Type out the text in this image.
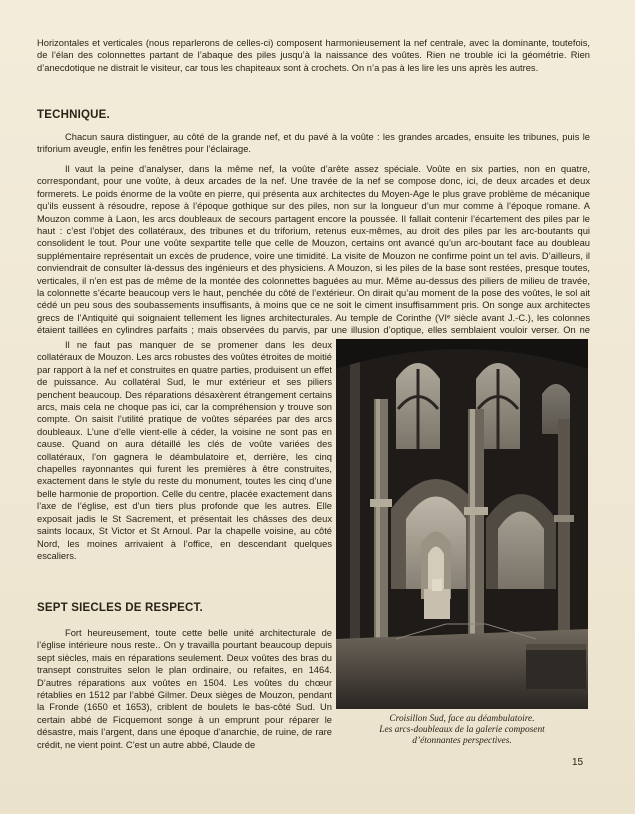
Horizontales et verticales (nous reparlerons de celles-ci) composent harmonieusement la nef centrale, avec la dominante, toutefois, de l’élan des colonnettes partant de l’abaque des piles jusqu’à la naissance des voûtes. Rien ne trouble ici la géométrie. Rien d’anecdotique ne distrait le visiteur, car tous les chapiteaux sont à crochets. On n’a pas à les lire les uns après les autres.

TECHNIQUE.

Chacun saura distinguer, au côté de la grande nef, et du pavé à la voûte : les grandes arcades, ensuite les tribunes, puis le triforium aveugle, enfin les fenêtres pour l’éclairage.

Il vaut la peine d’analyser, dans la même nef, la voûte d’arête assez spéciale. Voûte en six parties, non en quatre, correspondant, pour une voûte, à deux arcades de la nef. Une travée de la nef se compose donc, ici, de deux arcades et deux formerets. Le poids énorme de la voûte en pierre, qui présenta aux architectes du Moyen-Age le plus grave problème de mécanique qu’ils eussent à résoudre, repose à l’époque gothique sur des piles, non sur la longueur d’un mur comme à l’époque romane. A Mouzon comme à Laon, les arcs doubleaux de secours partagent encore la poussée. Il fallait contenir l’écartement des piles par le haut : c’est l’objet des collatéraux, des tribunes et du triforium, retenus eux-mêmes, au droit des piles par les arc-boutants qui consolident le tout. Pour une voûte sexpartite telle que celle de Mouzon, certains ont avancé qu’un arc-boutant face au doubleau supplémentaire représentait un excès de prudence, voire une timidité. La visite de Mouzon ne confirme point un tel avis. D’ailleurs, il conviendrait de consulter là-dessus des ingénieurs et des physiciens. A Mouzon, si les piles de la base sont restées, presque toutes, verticales, il n’en est pas de même de la montée des colonnettes baguées au mur. Même au-dessus des piliers de milieu de travée, la colonnette s’écarte beaucoup vers le haut, penchée du côté de l’extérieur. On dirait qu’au moment de la pose des voûtes, le sol ait cédé un peu sous des soubassements insuffisants, à moins que ce ne soit le ciment insuffisamment pris. On songe aux architectes grecs de l’Antiquité qui soignaient tellement les lignes architecturales. Au temple de Corinthe (VIᵉ siècle avant J.-C.), les colonnes étaient taillées en cylindres parfaits ; mais observées du parvis, par une illusion d’optique, elles semblaient vouloir verser. On ne

Il ne faut pas manquer de se promener dans les deux collatéraux de Mouzon. Les arcs robustes des voûtes étroites de moitié par rapport à la nef et construites en quatre parties, produisent un effet de puissance. Au collatéral Sud, le mur extérieur et ses piliers penchent beaucoup. Des réparations désaxèrent étrangement certains arcs, mais cela ne choque pas ici, car la compréhension y trouve son compte. On saisit l’utilité pratique de voûtes séparées par des arcs doubleaux. L’une d’elle vient-elle à céder, la voisine ne sont pas en cause. Quand on aura détaillé les clés de voûte variées des collatéraux, l’on gagnera le déambulatoire et, derrière, les cinq chapelles rayonnantes qui furent les premières à être construites, exactement dans le style du reste du monument, toutes les cinq d’une belle harmonie de proportion. Celle du centre, placée exactement dans l’axe de l’église, est d’un tiers plus profonde que les autres. Elle exposait jadis le St Sacrement, et présentait les châsses des deux saints locaux, St Victor et St Arnoul. Par la chapelle voisine, au côté Nord, les moines arrivaient à l’office, en descendant quelques escaliers.

SEPT SIECLES DE RESPECT.

Fort heureusement, toute cette belle unité architecturale de l’église intérieure nous reste.. On y travailla pourtant beaucoup depuis sept siècles, mais en réparations seulement. Deux voûtes des bras du transept construites selon le plan ordinaire, ou refaites, en 1464. D’autres réparations aux voûtes en 1504. Les voûtes du chœur rétablies en 1512 par l’abbé Gilmer. Deux sièges de Mouzon, pendant la Fronde (1650 et 1653), criblent de boulets le bas-côté Sud. Un certain abbé de Ficquemont songe à un emprunt pour réparer le désastre, mais l’argent, dans une époque d’anarchie, de ruine, de rare crédit, ne vient point. C’est un autre abbé, Claude de

Croisillon Sud, face au déambulatoire.
Les arcs-doubleaux de la galerie composent
d’étonnantes perspectives.
15
